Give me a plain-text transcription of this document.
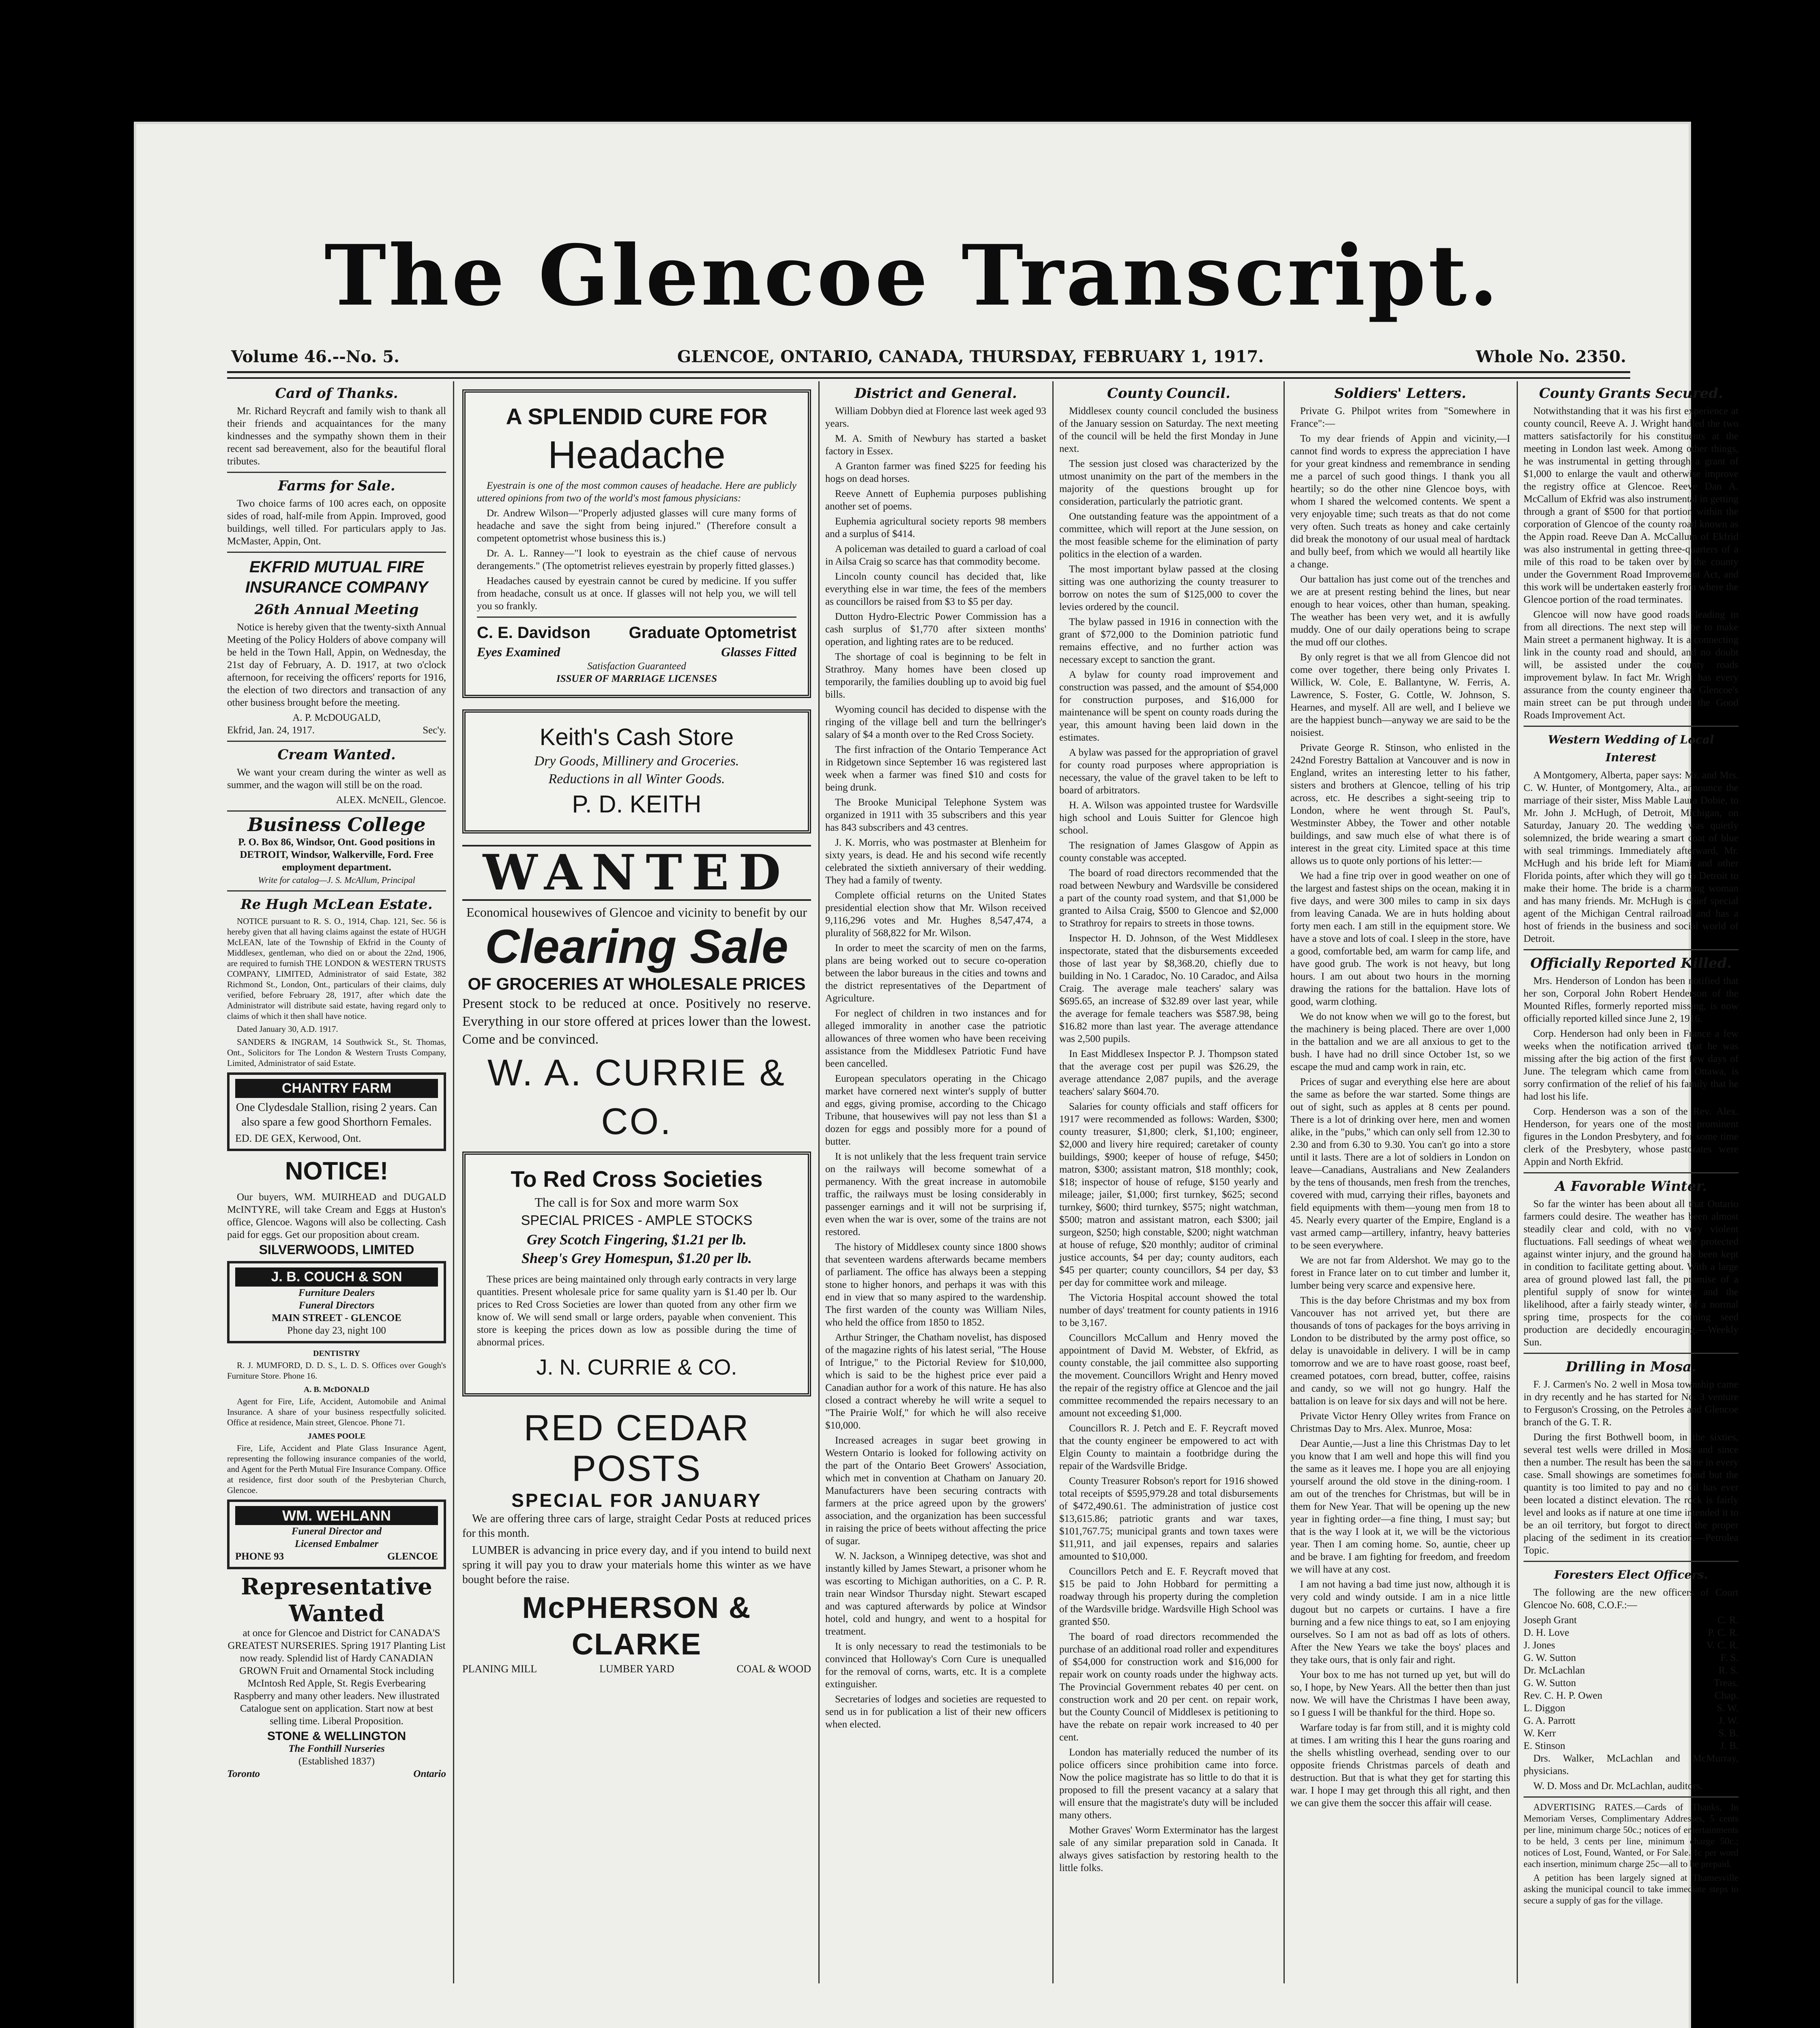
The Glencoe Transcript.
Volume 46.--No. 5.	GLENCOE, ONTARIO, CANADA, THURSDAY, FEBRUARY 1, 1917.	Whole No. 2350.
Card of Thanks.
Mr. Richard Reycraft and family wish to thank all their friends and acquaintances for the many kindnesses and the sympathy shown them in their recent sad bereavement, also for the beautiful floral tributes.
Farms for Sale.
Two choice farms of 100 acres each, on opposite sides of road, half-mile from Appin. Improved, good buildings, well tilled. For particulars apply to Jas. McMaster, Appin, Ont.
EKFRID MUTUAL FIRE INSURANCE COMPANY
26th Annual Meeting
Notice is hereby given that the twenty-sixth Annual Meeting of the Policy Holders of above company will be held in the Town Hall, Appin, on Wednesday, the 21st day of February, A. D. 1917, at two o'clock afternoon, for receiving the officers' reports for 1916, the election of two directors and transaction of any other business brought before the meeting.
A. P. McDOUGALD,
Ekfrid, Jan. 24, 1917.	Sec'y.
Cream Wanted.
We want your cream during the winter as well as summer, and the wagon will still be on the road.
ALEX. McNEIL, Glencoe.
Business College
P. O. Box 86, Windsor, Ont. Good positions in DETROIT, Windsor, Walkerville, Ford. Free employment department.
Write for catalog—J. S. McAllum, Principal
Re Hugh McLean Estate.
NOTICE pursuant to R. S. O., 1914, Chap. 121, Sec. 56 is hereby given that all having claims against the estate of HUGH McLEAN, late of the Township of Ekfrid in the County of Middlesex, gentleman, who died on or about the 22nd, 1906, are required to furnish THE LONDON & WESTERN TRUSTS COMPANY, LIMITED, Administrator of said Estate, 382 Richmond St., London, Ont., particulars of their claims, duly verified, before February 28, 1917, after which date the Administrator will distribute said estate, having regard only to claims of which it then shall have notice.
Dated January 30, A.D. 1917.
SANDERS & INGRAM, 14 Southwick St., St. Thomas, Ont., Solicitors for The London & Western Trusts Company, Limited, Administrator of said Estate.
CHANTRY FARM
One Clydesdale Stallion, rising 2 years. Can also spare a few good Shorthorn Females.
ED. DE GEX, Kerwood, Ont.
NOTICE!
Our buyers, WM. MUIRHEAD and DUGALD McINTYRE, will take Cream and Eggs at Huston's office, Glencoe. Wagons will also be collecting. Cash paid for eggs. Get our proposition about cream.
SILVERWOODS, LIMITED
J. B. COUCH & SON
Furniture Dealers
Funeral Directors
MAIN STREET - GLENCOE
Phone day 23, night 100
DENTISTRY
R. J. MUMFORD, D. D. S., L. D. S. Offices over Gough's Furniture Store. Phone 16.
A. B. McDONALD
Agent for Fire, Life, Accident, Automobile and Animal Insurance. A share of your business respectfully solicited. Office at residence, Main street, Glencoe. Phone 71.
JAMES POOLE
Fire, Life, Accident and Plate Glass Insurance Agent, representing the following insurance companies of the world, and Agent for the Perth Mutual Fire Insurance Company. Office at residence, first door south of the Presbyterian Church, Glencoe.
WM. WEHLANN
Funeral Director and
Licensed Embalmer
PHONE 93	GLENCOE
Representative
Wanted
at once for Glencoe and District for CANADA'S GREATEST NURSERIES. Spring 1917 Planting List now ready. Splendid list of Hardy CANADIAN GROWN Fruit and Ornamental Stock including McIntosh Red Apple, St. Regis Everbearing Raspberry and many other leaders. New illustrated Catalogue sent on application. Start now at best selling time. Liberal Proposition.
STONE & WELLINGTON
The Fonthill Nurseries
(Established 1837)
Toronto	Ontario
A SPLENDID CURE FOR
Headache
Eyestrain is one of the most common causes of headache. Here are publicly uttered opinions from two of the world's most famous physicians:
Dr. Andrew Wilson—"Properly adjusted glasses will cure many forms of headache and save the sight from being injured." (Therefore consult a competent optometrist whose business this is.)
Dr. A. L. Ranney—"I look to eyestrain as the chief cause of nervous derangements." (The optometrist relieves eyestrain by properly fitted glasses.)
Headaches caused by eyestrain cannot be cured by medicine. If you suffer from headache, consult us at once. If glasses will not help you, we will tell you so frankly.
C. E. Davidson Graduate Optometrist
Eyes Examined	Glasses Fitted
Satisfaction Guaranteed
ISSUER OF MARRIAGE LICENSES
Keith's Cash Store
Dry Goods, Millinery and Groceries.
Reductions in all Winter Goods.
P. D. KEITH
WANTED
Economical housewives of Glencoe and vicinity to benefit by our
Clearing Sale
OF GROCERIES AT WHOLESALE PRICES
Present stock to be reduced at once. Positively no reserve. Everything in our store offered at prices lower than the lowest. Come and be convinced.
W. A. CURRIE & CO.
To Red Cross Societies
The call is for Sox and more warm Sox
SPECIAL PRICES - AMPLE STOCKS
Grey Scotch Fingering, $1.21 per lb.
Sheep's Grey Homespun, $1.20 per lb.
These prices are being maintained only through early contracts in very large quantities. Present wholesale price for same quality yarn is $1.40 per lb. Our prices to Red Cross Societies are lower than quoted from any other firm we know of. We will send small or large orders, payable when convenient. This store is keeping the prices down as low as possible during the time of abnormal prices.
J. N. CURRIE & CO.
RED CEDAR POSTS
SPECIAL FOR JANUARY
We are offering three cars of large, straight Cedar Posts at reduced prices for this month.
LUMBER is advancing in price every day, and if you intend to build next spring it will pay you to draw your materials home this winter as we have bought before the raise.
McPHERSON & CLARKE
PLANING MILL	LUMBER YARD	COAL & WOOD
District and General.
William Dobbyn died at Florence last week aged 93 years.
M. A. Smith of Newbury has started a basket factory in Essex.
A Granton farmer was fined $225 for feeding his hogs on dead horses.
Reeve Annett of Euphemia purposes publishing another set of poems.
Euphemia agricultural society reports 98 members and a surplus of $414.
A policeman was detailed to guard a carload of coal in Ailsa Craig so scarce has that commodity become.
Lincoln county council has decided that, like everything else in war time, the fees of the members as councillors be raised from $3 to $5 per day.
Dutton Hydro-Electric Power Commission has a cash surplus of $1,770 after sixteen months' operation, and lighting rates are to be reduced.
The shortage of coal is beginning to be felt in Strathroy. Many homes have been closed up temporarily, the families doubling up to avoid big fuel bills.
Wyoming council has decided to dispense with the ringing of the village bell and turn the bellringer's salary of $4 a month over to the Red Cross Society.
The first infraction of the Ontario Temperance Act in Ridgetown since September 16 was registered last week when a farmer was fined $10 and costs for being drunk.
The Brooke Municipal Telephone System was organized in 1911 with 35 subscribers and this year has 843 subscribers and 43 centres.
J. K. Morris, who was postmaster at Blenheim for sixty years, is dead. He and his second wife recently celebrated the sixtieth anniversary of their wedding. They had a family of twenty.
Complete official returns on the United States presidential election show that Mr. Wilson received 9,116,296 votes and Mr. Hughes 8,547,474, a plurality of 568,822 for Mr. Wilson.
In order to meet the scarcity of men on the farms, plans are being worked out to secure co-operation between the labor bureaus in the cities and towns and the district representatives of the Department of Agriculture.
For neglect of children in two instances and for alleged immorality in another case the patriotic allowances of three women who have been receiving assistance from the Middlesex Patriotic Fund have been cancelled.
European speculators operating in the Chicago market have cornered next winter's supply of butter and eggs, giving promise, according to the Chicago Tribune, that housewives will pay not less than $1 a dozen for eggs and possibly more for a pound of butter.
It is not unlikely that the less frequent train service on the railways will become somewhat of a permanency. With the great increase in automobile traffic, the railways must be losing considerably in passenger earnings and it will not be surprising if, even when the war is over, some of the trains are not restored.
The history of Middlesex county since 1800 shows that seventeen wardens afterwards became members of parliament. The office has always been a stepping stone to higher honors, and perhaps it was with this end in view that so many aspired to the wardenship. The first warden of the county was William Niles, who held the office from 1850 to 1852.
Arthur Stringer, the Chatham novelist, has disposed of the magazine rights of his latest serial, "The House of Intrigue," to the Pictorial Review for $10,000, which is said to be the highest price ever paid a Canadian author for a work of this nature. He has also closed a contract whereby he will write a sequel to "The Prairie Wolf," for which he will also receive $10,000.
Increased acreages in sugar beet growing in Western Ontario is looked for following activity on the part of the Ontario Beet Growers' Association, which met in convention at Chatham on January 20. Manufacturers have been securing contracts with farmers at the price agreed upon by the growers' association, and the organization has been successful in raising the price of beets without affecting the price of sugar.
W. N. Jackson, a Winnipeg detective, was shot and instantly killed by James Stewart, a prisoner whom he was escorting to Michigan authorities, on a C. P. R. train near Windsor Thursday night. Stewart escaped and was captured afterwards by police at Windsor hotel, cold and hungry, and went to a hospital for treatment.
It is only necessary to read the testimonials to be convinced that Holloway's Corn Cure is unequalled for the removal of corns, warts, etc. It is a complete extinguisher.
Secretaries of lodges and societies are requested to send us in for publication a list of their new officers when elected.
County Council.
Middlesex county council concluded the business of the January session on Saturday. The next meeting of the council will be held the first Monday in June next.
The session just closed was characterized by the utmost unanimity on the part of the members in the majority of the questions brought up for consideration, particularly the patriotic grant.
One outstanding feature was the appointment of a committee, which will report at the June session, on the most feasible scheme for the elimination of party politics in the election of a warden.
The most important bylaw passed at the closing sitting was one authorizing the county treasurer to borrow on notes the sum of $125,000 to cover the levies ordered by the council.
The bylaw passed in 1916 in connection with the grant of $72,000 to the Dominion patriotic fund remains effective, and no further action was necessary except to sanction the grant.
A bylaw for county road improvement and construction was passed, and the amount of $54,000 for construction purposes, and $16,000 for maintenance will be spent on county roads during the year, this amount having been laid down in the estimates.
A bylaw was passed for the appropriation of gravel for county road purposes where appropriation is necessary, the value of the gravel taken to be left to board of arbitrators.
H. A. Wilson was appointed trustee for Wardsville high school and Louis Suitter for Glencoe high school.
The resignation of James Glasgow of Appin as county constable was accepted.
The board of road directors recommended that the road between Newbury and Wardsville be considered a part of the county road system, and that $1,000 be granted to Ailsa Craig, $500 to Glencoe and $2,000 to Strathroy for repairs to streets in those towns.
Inspector H. D. Johnson, of the West Middlesex inspectorate, stated that the disbursements exceeded those of last year by $8,368.20, chiefly due to building in No. 1 Caradoc, No. 10 Caradoc, and Ailsa Craig. The average male teachers' salary was $695.65, an increase of $32.89 over last year, while the average for female teachers was $587.98, being $16.82 more than last year. The average attendance was 2,500 pupils.
In East Middlesex Inspector P. J. Thompson stated that the average cost per pupil was $26.29, the average attendance 2,087 pupils, and the average teachers' salary $604.70.
Salaries for county officials and staff officers for 1917 were recommended as follows: Warden, $300; county treasurer, $1,800; clerk, $1,100; engineer, $2,000 and livery hire required; caretaker of county buildings, $900; keeper of house of refuge, $450; matron, $300; assistant matron, $18 monthly; cook, $18; inspector of house of refuge, $150 yearly and mileage; jailer, $1,000; first turnkey, $625; second turnkey, $600; third turnkey, $575; night watchman, $500; matron and assistant matron, each $300; jail surgeon, $250; high constable, $200; night watchman at house of refuge, $20 monthly; auditor of criminal justice accounts, $4 per day; county auditors, each $45 per quarter; county councillors, $4 per day, $3 per day for committee work and mileage.
The Victoria Hospital account showed the total number of days' treatment for county patients in 1916 to be 3,167.
Councillors McCallum and Henry moved the appointment of David M. Webster, of Ekfrid, as county constable, the jail committee also supporting the movement. Councillors Wright and Henry moved the repair of the registry office at Glencoe and the jail committee recommended the repairs necessary to an amount not exceeding $1,000.
Councillors R. J. Petch and E. F. Reycraft moved that the county engineer be empowered to act with Elgin County to maintain a footbridge during the repair of the Wardsville Bridge.
County Treasurer Robson's report for 1916 showed total receipts of $595,979.28 and total disbursements of $472,490.61. The administration of justice cost $13,615.86; patriotic grants and war taxes, $101,767.75; municipal grants and town taxes were $11,911, and jail expenses, repairs and salaries amounted to $10,000.
Councillors Petch and E. F. Reycraft moved that $15 be paid to John Hobbard for permitting a roadway through his property during the completion of the Wardsville bridge. Wardsville High School was granted $50.
The board of road directors recommended the purchase of an additional road roller and expenditures of $54,000 for construction work and $16,000 for repair work on county roads under the highway acts. The Provincial Government rebates 40 per cent. on construction work and 20 per cent. on repair work, but the County Council of Middlesex is petitioning to have the rebate on repair work increased to 40 per cent.
London has materially reduced the number of its police officers since prohibition came into force. Now the police magistrate has so little to do that it is proposed to fill the present vacancy at a salary that will ensure that the magistrate's duty will be included many others.
Mother Graves' Worm Exterminator has the largest sale of any similar preparation sold in Canada. It always gives satisfaction by restoring health to the little folks.
Soldiers' Letters.
Private G. Philpot writes from "Somewhere in France":—
To my dear friends of Appin and vicinity,—I cannot find words to express the appreciation I have for your great kindness and remembrance in sending me a parcel of such good things. I thank you all heartily; so do the other nine Glencoe boys, with whom I shared the welcomed contents. We spent a very enjoyable time; such treats as that do not come very often. Such treats as honey and cake certainly did break the monotony of our usual meal of hardtack and bully beef, from which we would all heartily like a change.
Our battalion has just come out of the trenches and we are at present resting behind the lines, but near enough to hear voices, other than human, speaking. The weather has been very wet, and it is awfully muddy. One of our daily operations being to scrape the mud off our clothes.
By only regret is that we all from Glencoe did not come over together, there being only Privates I. Willick, W. Cole, E. Ballantyne, W. Ferris, A. Lawrence, S. Foster, G. Cottle, W. Johnson, S. Hearnes, and myself. All are well, and I believe we are the happiest bunch—anyway we are said to be the noisiest.
Private George R. Stinson, who enlisted in the 242nd Forestry Battalion at Vancouver and is now in England, writes an interesting letter to his father, sisters and brothers at Glencoe, telling of his trip across, etc. He describes a sight-seeing trip to London, where he went through St. Paul's, Westminster Abbey, the Tower and other notable buildings, and saw much else of what there is of interest in the great city. Limited space at this time allows us to quote only portions of his letter:—
We had a fine trip over in good weather on one of the largest and fastest ships on the ocean, making it in five days, and were 300 miles to camp in six days from leaving Canada. We are in huts holding about forty men each. I am still in the equipment store. We have a stove and lots of coal. I sleep in the store, have a good, comfortable bed, am warm for camp life, and have good grub. The work is not heavy, but long hours. I am out about two hours in the morning drawing the rations for the battalion. Have lots of good, warm clothing.
We do not know when we will go to the forest, but the machinery is being placed. There are over 1,000 in the battalion and we are all anxious to get to the bush. I have had no drill since October 1st, so we escape the mud and camp work in rain, etc.
Prices of sugar and everything else here are about the same as before the war started. Some things are out of sight, such as apples at 8 cents per pound. There is a lot of drinking over here, men and women alike, in the "pubs," which can only sell from 12.30 to 2.30 and from 6.30 to 9.30. You can't go into a store until it lasts. There are a lot of soldiers in London on leave—Canadians, Australians and New Zealanders by the tens of thousands, men fresh from the trenches, covered with mud, carrying their rifles, bayonets and field equipments with them—young men from 18 to 45. Nearly every quarter of the Empire, England is a vast armed camp—artillery, infantry, heavy batteries to be seen everywhere.
We are not far from Aldershot. We may go to the forest in France later on to cut timber and lumber it, lumber being very scarce and expensive here.
This is the day before Christmas and my box from Vancouver has not arrived yet, but there are thousands of tons of packages for the boys arriving in London to be distributed by the army post office, so delay is unavoidable in delivery. I will be in camp tomorrow and we are to have roast goose, roast beef, creamed potatoes, corn bread, butter, coffee, raisins and candy, so we will not go hungry. Half the battalion is on leave for six days and will not be here.
Private Victor Henry Olley writes from France on Christmas Day to Mrs. Alex. Munroe, Mosa:
Dear Auntie,—Just a line this Christmas Day to let you know that I am well and hope this will find you the same as it leaves me. I hope you are all enjoying yourself around the old stove in the dining-room. I am out of the trenches for Christmas, but will be in them for New Year. That will be opening up the new year in fighting order—a fine thing, I must say; but that is the way I look at it, we will be the victorious year. Then I am coming home. So, auntie, cheer up and be brave. I am fighting for freedom, and freedom we will have at any cost.
I am not having a bad time just now, although it is very cold and windy outside. I am in a nice little dugout but no carpets or curtains. I have a fire burning and a few nice things to eat, so I am enjoying ourselves. So I am not as bad off as lots of others. After the New Years we take the boys' places and they take ours, that is only fair and right.
Your box to me has not turned up yet, but will do so, I hope, by New Years. All the better then than just now. We will have the Christmas I have been away, so I guess I will be thankful for the third. Hope so.
Warfare today is far from still, and it is mighty cold at times. I am writing this I hear the guns roaring and the shells whistling overhead, sending over to our opposite friends Christmas parcels of death and destruction. But that is what they get for starting this war. I hope I may get through this all right, and then we can give them the soccer this affair will cease.
County Grants Secured.
Notwithstanding that it was his first experience at county council, Reeve A. J. Wright handled the two matters satisfactorily for his constituents at the meeting in London last week. Among other things, he was instrumental in getting through a grant of $1,000 to enlarge the vault and otherwise improve the registry office at Glencoe. Reeve Dan A. McCallum of Ekfrid was also instrumental in getting through a grant of $500 for that portion within the corporation of Glencoe of the county road known as the Appin road. Reeve Dan A. McCallum of Ekfrid was also instrumental in getting three-quarters of a mile of this road to be taken over by the county under the Government Road Improvement Act, and this work will be undertaken easterly from where the Glencoe portion of the road terminates.
Glencoe will now have good roads leading in from all directions. The next step will be to make Main street a permanent highway. It is a connecting link in the county road and should, and no doubt will, be assisted under the county roads improvement bylaw. In fact Mr. Wright has every assurance from the county engineer that Glencoe's main street can be put through under the Good Roads Improvement Act.
Western Wedding of Local Interest
A Montgomery, Alberta, paper says: Mr. and Mrs. C. W. Hunter, of Montgomery, Alta., announce the marriage of their sister, Miss Mable Laura Dobie, to Mr. John J. McHugh, of Detroit, Michigan, on Saturday, January 20. The wedding was quietly solemnized, the bride wearing a smart coat of blue with seal trimmings. Immediately afterward, Mr. McHugh and his bride left for Miami and other Florida points, after which they will go to Detroit to make their home. The bride is a charming woman and has many friends. Mr. McHugh is chief special agent of the Michigan Central railroad and has a host of friends in the business and social world of Detroit.
Officially Reported Killed.
Mrs. Henderson of London has been notified that her son, Corporal John Robert Henderson of the Mounted Rifles, formerly reported missing, is now officially reported killed since June 2, 1916.
Corp. Henderson had only been in France a few weeks when the notification arrived that he was missing after the big action of the first few days of June. The telegram which came from Ottawa, is sorry confirmation of the relief of his family that he had lost his life.
Corp. Henderson was a son of the Rev. Alex. Henderson, for years one of the most prominent figures in the London Presbytery, and for some time clerk of the Presbytery, whose pastorates were Appin and North Ekfrid.
A Favorable Winter.
So far the winter has been about all that Ontario farmers could desire. The weather has been almost steadily clear and cold, with no very violent fluctuations. Fall seedings of wheat were protected against winter injury, and the ground has been kept in condition to facilitate getting about. With a large area of ground plowed last fall, the promise of a plentiful supply of snow for winter, and the likelihood, after a fairly steady winter, of a normal spring time, prospects for the coming seed production are decidedly encouraging.—Weekly Sun.
Drilling in Mosa.
F. J. Carmen's No. 2 well in Mosa township came in dry recently and he has started for No. 3 venture to Ferguson's Crossing, on the Petroles and Glencoe branch of the G. T. R.
During the first Bothwell boom, in the sixties, several test wells were drilled in Mosa and since then a number. The result has been the same in every case. Small showings are sometimes found but the quantity is too limited to pay and no oil has ever been located a distinct elevation. The rock is fairly level and looks as if nature at one time intended it to be an oil territory, but forgot to direct the proper placing of the sediment in its creation.—Petrolea Topic.
Foresters Elect Officers.
The following are the new officers of Court Glencoe No. 608, C.O.F.:—
Joseph Grant	C. R.
D. H. Love	P. C. R.
J. Jones	V. C. R.
G. W. Sutton	F. S.
Dr. McLachlan	R. S.
G. W. Sutton	Treas.
Rev. C. H. P. Owen	Chap.
L. Diggon	S. W.
G. A. Parrott	J. W.
W. Kerr	S. B.
E. Stinson	J. B.
Drs. Walker, McLachlan and McMurray, physicians.
W. D. Moss and Dr. McLachlan, auditors.
ADVERTISING RATES.—Cards of Thanks, In Memoriam Verses, Complimentary Addresses, 5 cents per line, minimum charge 50c.; notices of entertainments to be held, 3 cents per line, minimum charge 50c.; notices of Lost, Found, Wanted, or For Sale. 1c per word each insertion, minimum charge 25c—all to be prepaid.
A petition has been largely signed at Thamesville asking the municipal council to take immediate steps to secure a supply of gas for the village.
